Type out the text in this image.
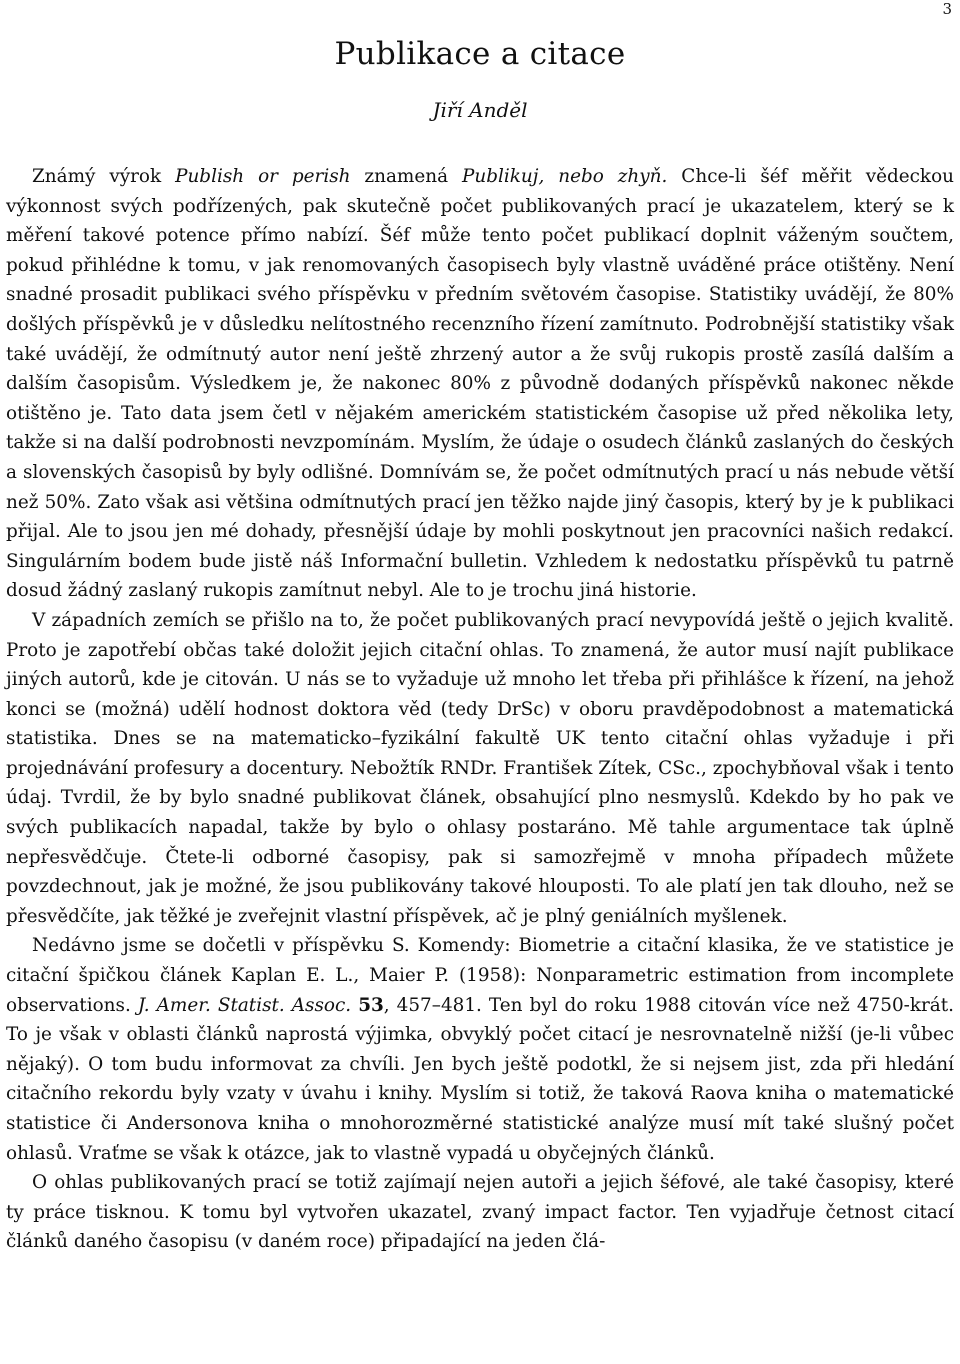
3
Publikace a citace
Jiří Anděl

Známý výrok Publish or perish znamená Publikuj, nebo zhyň. Chce-li šéf měřit vědeckou výkonnost svých podřízených, pak skutečně počet publikovaných prací je ukazatelem, který se k měření takové potence přímo nabízí. Šéf může tento počet publikací doplnit váženým součtem, pokud přihlédne k tomu, v jak renomovaných časopisech byly vlastně uváděné práce otištěny. Není snadné prosadit publikaci svého příspěvku v předním světovém časopise. Statistiky uvádějí, že 80% došlých příspěvků je v důsledku nelítostného recenzního řízení zamítnuto. Podrobnější statistiky však také uvádějí, že odmítnutý autor není ještě zhrzený autor a že svůj rukopis prostě zasílá dalším a dalším časopisům. Výsledkem je, že nakonec 80% z původně dodaných příspěvků nakonec někde otištěno je. Tato data jsem četl v nějakém americkém statistickém časopise už před několika lety, takže si na další podrobnosti nevzpomínám. Myslím, že údaje o osudech článků zaslaných do českých a slovenských časopisů by byly odlišné. Domnívám se, že počet odmítnutých prací u nás nebude větší než 50%. Zato však asi většina odmítnutých prací jen těžko najde jiný časopis, který by je k publikaci přijal. Ale to jsou jen mé dohady, přesnější údaje by mohli poskytnout jen pracovníci našich redakcí. Singulárním bodem bude jistě náš Informační bulletin. Vzhledem k nedostatku příspěvků tu patrně dosud žádný zaslaný rukopis zamítnut nebyl. Ale to je trochu jiná historie.

V západních zemích se přišlo na to, že počet publikovaných prací nevypovídá ještě o jejich kvalitě. Proto je zapotřebí občas také doložit jejich citační ohlas. To znamená, že autor musí najít publikace jiných autorů, kde je citován. U nás se to vyžaduje už mnoho let třeba při přihlášce k řízení, na jehož konci se (možná) udělí hodnost doktora věd (tedy DrSc) v oboru pravděpodobnost a matematická statistika. Dnes se na matematicko–fyzikální fakultě UK tento citační ohlas vyžaduje i při projednávání profesury a docentury. Nebožtík RNDr. František Zítek, CSc., zpochybňoval však i tento údaj. Tvrdil, že by bylo snadné publikovat článek, obsahující plno nesmyslů. Kdekdo by ho pak ve svých publikacích napadal, takže by bylo o ohlasy postaráno. Mě tahle argumentace tak úplně nepřesvědčuje. Čtete-li odborné časopisy, pak si samozřejmě v mnoha případech můžete povzdechnout, jak je možné, že jsou publikovány takové hlouposti. To ale platí jen tak dlouho, než se přesvědčíte, jak těžké je zveřejnit vlastní příspěvek, ač je plný geniálních myšlenek.

Nedávno jsme se dočetli v příspěvku S. Komendy: Biometrie a citační klasika, že ve statistice je citační špičkou článek Kaplan E. L., Maier P. (1958): Nonparametric estimation from incomplete observations. J. Amer. Statist. Assoc. 53, 457–481. Ten byl do roku 1988 citován více než 4750-krát. To je však v oblasti článků naprostá výjimka, obvyklý počet citací je nesrovnatelně nižší (je-li vůbec nějaký). O tom budu informovat za chvíli. Jen bych ještě podotkl, že si nejsem jist, zda při hledání citačního rekordu byly vzaty v úvahu i knihy. Myslím si totiž, že taková Raova kniha o matematické statistice či Andersonova kniha o mnohorozměrné statistické analýze musí mít také slušný počet ohlasů. Vraťme se však k otázce, jak to vlastně vypadá u obyčejných článků.

O ohlas publikovaných prací se totiž zajímají nejen autoři a jejich šéfové, ale také časopisy, které ty práce tisknou. K tomu byl vytvořen ukazatel, zvaný impact factor. Ten vyjadřuje četnost citací článků daného časopisu (v daném roce) připadající na jeden člá-
